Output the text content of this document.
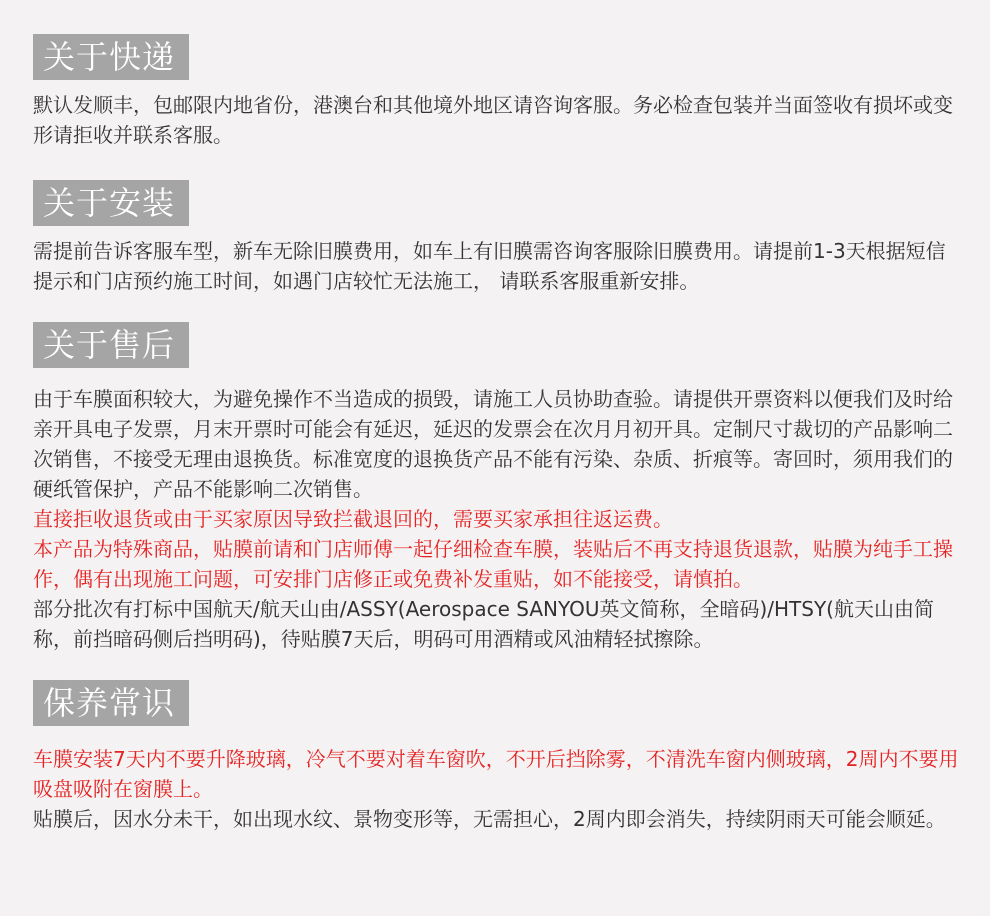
关于快递

默认发顺丰，包邮限内地省份，港澳台和其他境外地区请咨询客服。务必检查包装并当面签收有损坏或变形请拒收并联系客服。

关于安装

需提前告诉客服车型，新车无除旧膜费用，如车上有旧膜需咨询客服除旧膜费用。请提前1-3天根据短信提示和门店预约施工时间，如遇门店较忙无法施工， 请联系客服重新安排。

关于售后

由于车膜面积较大，为避免操作不当造成的损毁，请施工人员协助查验。请提供开票资料以便我们及时给亲开具电子发票，月末开票时可能会有延迟，延迟的发票会在次月月初开具。定制尺寸裁切的产品影响二次销售，不接受无理由退换货。标准宽度的退换货产品不能有污染、杂质、折痕等。寄回时，须用我们的硬纸管保护，产品不能影响二次销售。

直接拒收退货或由于买家原因导致拦截退回的，需要买家承担往返运费。

本产品为特殊商品，贴膜前请和门店师傅一起仔细检查车膜，装贴后不再支持退货退款，贴膜为纯手工操作，偶有出现施工问题，可安排门店修正或免费补发重贴，如不能接受，请慎拍。

部分批次有打标中国航天/航天山由/ASSY(Aerospace SANYOU英文简称，全暗码)/HTSY(航天山由简称，前挡暗码侧后挡明码)，待贴膜7天后，明码可用酒精或风油精轻拭擦除。

保养常识

车膜安装7天内不要升降玻璃，冷气不要对着车窗吹，不开后挡除雾，不清洗车窗内侧玻璃，2周内不要用吸盘吸附在窗膜上。

贴膜后，因水分未干，如出现水纹、景物变形等，无需担心，2周内即会消失，持续阴雨天可能会顺延。
